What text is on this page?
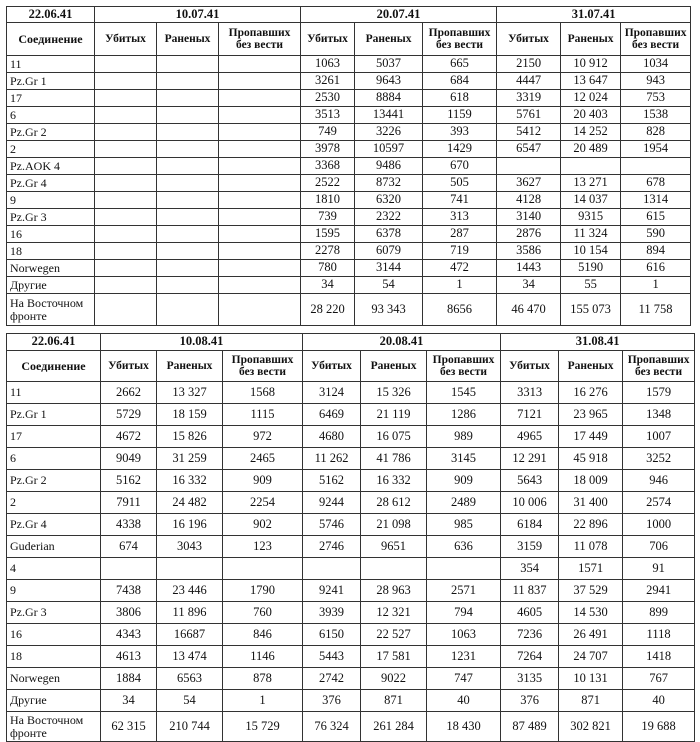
22.06.41	10.07.41			20.07.41			31.07.41		
Соединение	Убитых	Раненых	Пропавших без вести	Убитых	Раненых	Пропавших без вести	Убитых	Раненых	Пропавших без вести
11				1063	5037	665	2150	10 912	1034
Pz.Gr 1				3261	9643	684	4447	13 647	943
17				2530	8884	618	3319	12 024	753
6				3513	13441	1159	5761	20 403	1538
Pz.Gr 2				749	3226	393	5412	14 252	828
2				3978	10597	1429	6547	20 489	1954
Pz.AOK 4				3368	9486	670			
Pz.Gr 4				2522	8732	505	3627	13 271	678
9				1810	6320	741	4128	14 037	1314
Pz.Gr 3				739	2322	313	3140	9315	615
16				1595	6378	287	2876	11 324	590
18				2278	6079	719	3586	10 154	894
Norwegen				780	3144	472	1443	5190	616
Другие				34	54	1	34	55	1
На Восточном фронте				28 220	93 343	8656	46 470	155 073	11 758
22.06.41	10.08.41			20.08.41			31.08.41		
Соединение	Убитых	Раненых	Пропавших без вести	Убитых	Раненых	Пропавших без вести	Убитых	Раненых	Пропавших без вести
11	2662	13 327	1568	3124	15 326	1545	3313	16 276	1579
Pz.Gr 1	5729	18 159	1115	6469	21 119	1286	7121	23 965	1348
17	4672	15 826	972	4680	16 075	989	4965	17 449	1007
6	9049	31 259	2465	11 262	41 786	3145	12 291	45 918	3252
Pz.Gr 2	5162	16 332	909	5162	16 332	909	5643	18 009	946
2	7911	24 482	2254	9244	28 612	2489	10 006	31 400	2574
Pz.Gr 4	4338	16 196	902	5746	21 098	985	6184	22 896	1000
Guderian	674	3043	123	2746	9651	636	3159	11 078	706
4							354	1571	91
9	7438	23 446	1790	9241	28 963	2571	11 837	37 529	2941
Pz.Gr 3	3806	11 896	760	3939	12 321	794	4605	14 530	899
16	4343	16687	846	6150	22 527	1063	7236	26 491	1118
18	4613	13 474	1146	5443	17 581	1231	7264	24 707	1418
Norwegen	1884	6563	878	2742	9022	747	3135	10 131	767
Другие	34	54	1	376	871	40	376	871	40
На Восточном фронте	62 315	210 744	15 729	76 324	261 284	18 430	87 489	302 821	19 688
